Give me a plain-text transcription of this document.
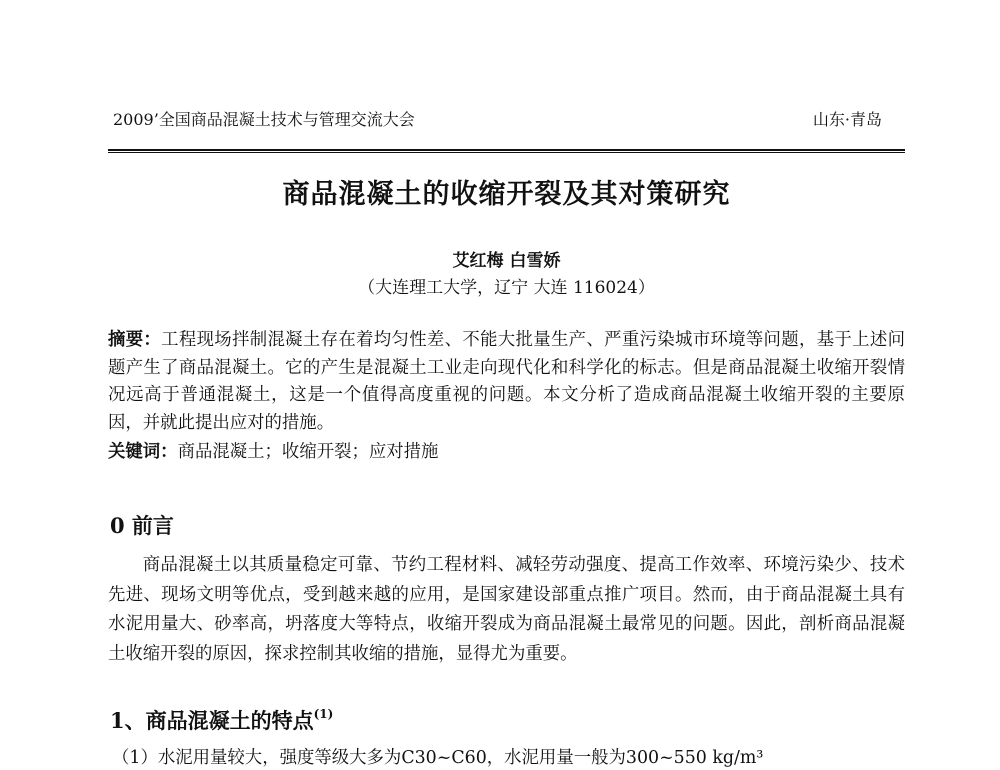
2009’全国商品混凝土技术与管理交流大会	山东·青岛
商品混凝土的收缩开裂及其对策研究
艾红梅 白雪娇
（大连理工大学，辽宁 大连 116024）
摘要：工程现场拌制混凝土存在着均匀性差、不能大批量生产、严重污染城市环境等问题，基于上述问题产生了商品混凝土。它的产生是混凝土工业走向现代化和科学化的标志。但是商品混凝土收缩开裂情况远高于普通混凝土，这是一个值得高度重视的问题。本文分析了造成商品混凝土收缩开裂的主要原因，并就此提出应对的措施。
关键词：商品混凝土；收缩开裂；应对措施
0 前言

商品混凝土以其质量稳定可靠、节约工程材料、减轻劳动强度、提高工作效率、环境污染少、技术先进、现场文明等优点，受到越来越的应用，是国家建设部重点推广项目。然而，由于商品混凝土具有水泥用量大、砂率高，坍落度大等特点，收缩开裂成为商品混凝土最常见的问题。因此，剖析商品混凝土收缩开裂的原因，探求控制其收缩的措施，显得尤为重要。

1、商品混凝土的特点$^{(1)}$
（1）水泥用量较大，强度等级大多为C30~C60，水泥用量一般为300~550 kg/m³
